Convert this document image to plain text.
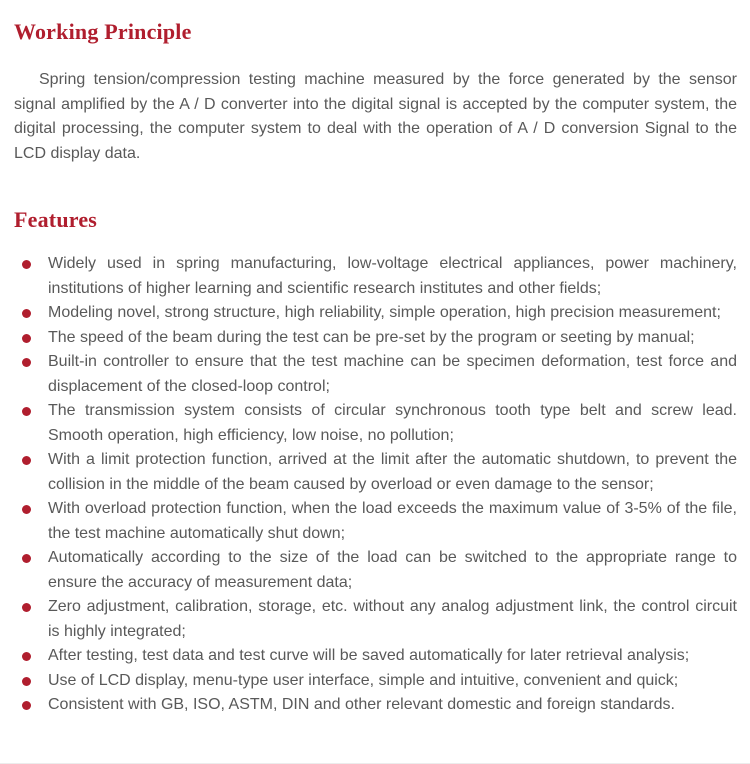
Working Principle

Spring tension/compression testing machine measured by the force generated by the sensor signal amplified by the A / D converter into the digital signal is accepted by the computer system, the digital processing, the computer system to deal with the operation of A / D conversion Signal to the LCD display data.

Features
Widely used in spring manufacturing, low-voltage electrical appliances, power machinery, institutions of higher learning and scientific research institutes and other fields;
Modeling novel, strong structure, high reliability, simple operation, high precision measurement;
The speed of the beam during the test can be pre-set by the program or seeting by manual;
Built-in controller to ensure that the test machine can be specimen deformation, test force and displacement of the closed-loop control;
The transmission system consists of circular synchronous tooth type belt and screw lead. Smooth operation, high efficiency, low noise, no pollution;
With a limit protection function, arrived at the limit after the automatic shutdown, to prevent the collision in the middle of the beam caused by overload or even damage to the sensor;
With overload protection function, when the load exceeds the maximum value of 3-5% of the file, the test machine automatically shut down;
Automatically according to the size of the load can be switched to the appropriate range to ensure the accuracy of measurement data;
Zero adjustment, calibration, storage, etc. without any analog adjustment link, the control circuit is highly integrated;
After testing, test data and test curve will be saved automatically for later retrieval analysis;
Use of LCD display, menu-type user interface, simple and intuitive, convenient and quick;
Consistent with GB, ISO, ASTM, DIN and other relevant domestic and foreign standards.
